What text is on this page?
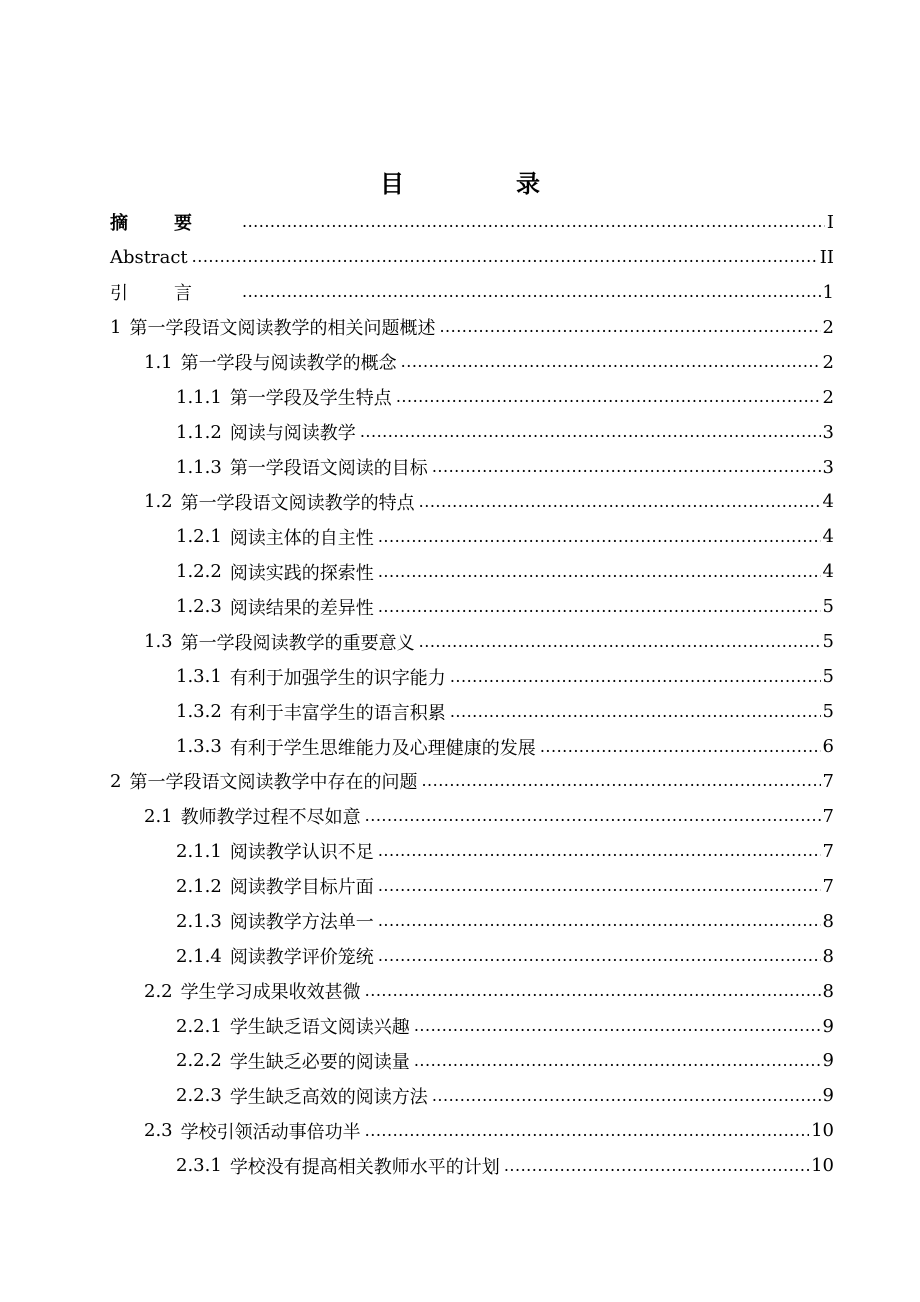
目　录
摘要 .....	I
Abstract .....	II
引言 .....	1
1 第一学段语文阅读教学的相关问题概述 .....	2
1.1 第一学段与阅读教学的概念 .....	2
1.1.1 第一学段及学生特点 .....	2
1.1.2 阅读与阅读教学 .....	3
1.1.3 第一学段语文阅读的目标 .....	3
1.2 第一学段语文阅读教学的特点 .....	4
1.2.1 阅读主体的自主性 .....	4
1.2.2 阅读实践的探索性 .....	4
1.2.3 阅读结果的差异性 .....	5
1.3 第一学段阅读教学的重要意义 .....	5
1.3.1 有利于加强学生的识字能力 .....	5
1.3.2 有利于丰富学生的语言积累 .....	5
1.3.3 有利于学生思维能力及心理健康的发展 .....	6
2 第一学段语文阅读教学中存在的问题 .....	7
2.1 教师教学过程不尽如意 .....	7
2.1.1 阅读教学认识不足 .....	7
2.1.2 阅读教学目标片面 .....	7
2.1.3 阅读教学方法单一 .....	8
2.1.4 阅读教学评价笼统 .....	8
2.2 学生学习成果收效甚微 .....	8
2.2.1 学生缺乏语文阅读兴趣 .....	9
2.2.2 学生缺乏必要的阅读量 .....	9
2.2.3 学生缺乏高效的阅读方法 .....	9
2.3 学校引领活动事倍功半 .....	10
2.3.1 学校没有提高相关教师水平的计划 .....	10
